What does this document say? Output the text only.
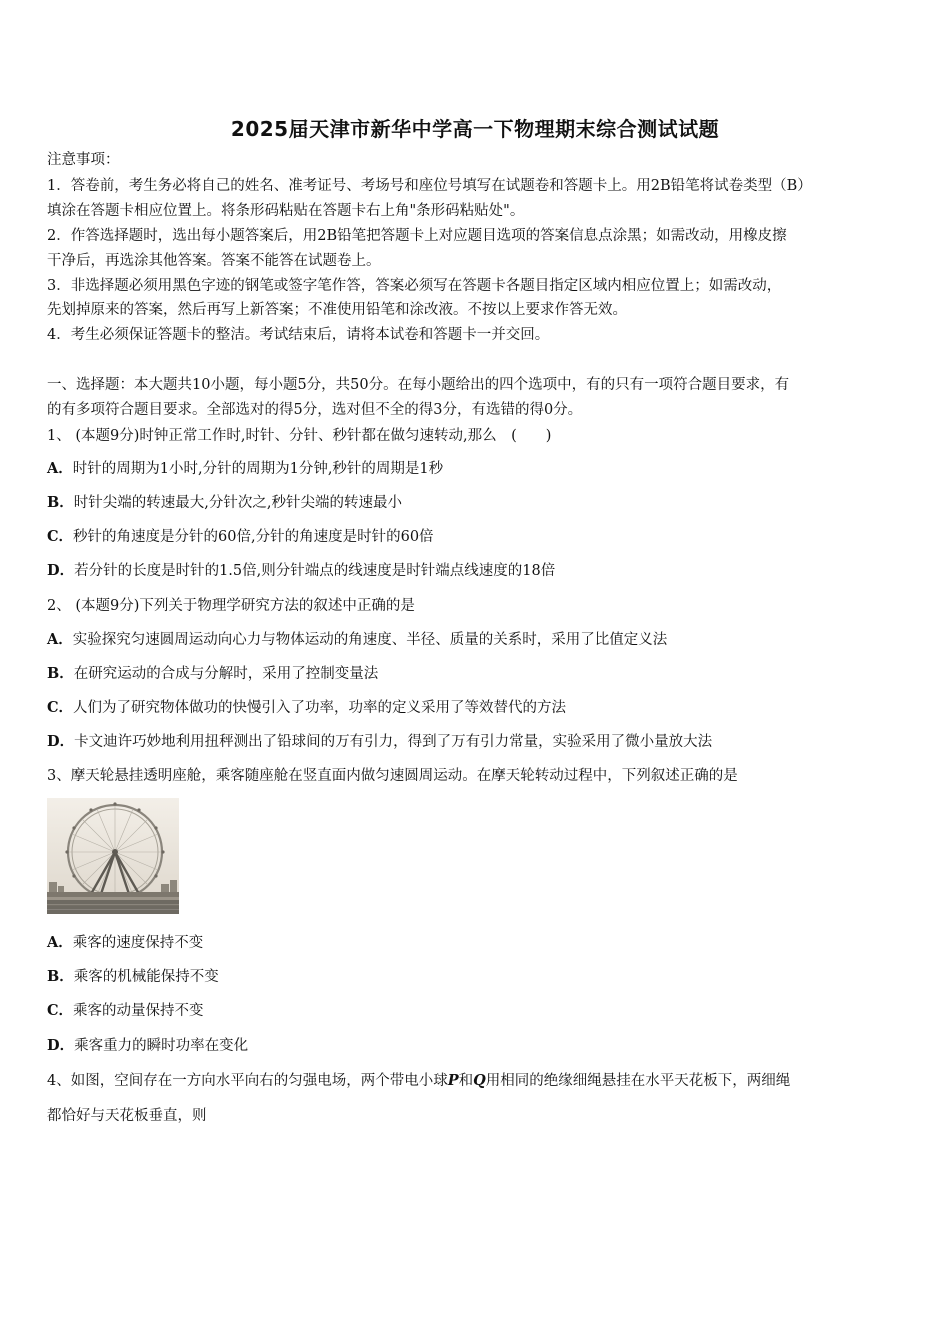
2025届天津市新华中学高一下物理期末综合测试试题
注意事项：
1．答卷前，考生务必将自己的姓名、准考证号、考场号和座位号填写在试题卷和答题卡上。用2B铅笔将试卷类型（B）
填涂在答题卡相应位置上。将条形码粘贴在答题卡右上角"条形码粘贴处"。
2．作答选择题时，选出每小题答案后，用2B铅笔把答题卡上对应题目选项的答案信息点涂黑；如需改动，用橡皮擦
干净后，再选涂其他答案。答案不能答在试题卷上。
3．非选择题必须用黑色字迹的钢笔或签字笔作答，答案必须写在答题卡各题目指定区域内相应位置上；如需改动，
先划掉原来的答案，然后再写上新答案；不准使用铅笔和涂改液。不按以上要求作答无效。
4．考生必须保证答题卡的整洁。考试结束后，请将本试卷和答题卡一并交回。
一、选择题：本大题共10小题，每小题5分，共50分。在每小题给出的四个选项中，有的只有一项符合题目要求，有
的有多项符合题目要求。全部选对的得5分，选对但不全的得3分，有选错的得0分。
1、 (本题9分)时钟正常工作时,时针、分针、秒针都在做匀速转动,那么　(　　)
A．时针的周期为1小时,分针的周期为1分钟,秒针的周期是1秒
B．时针尖端的转速最大,分针次之,秒针尖端的转速最小
C．秒针的角速度是分针的60倍,分针的角速度是时针的60倍
D．若分针的长度是时针的1.5倍,则分针端点的线速度是时针端点线速度的18倍
2、 (本题9分)下列关于物理学研究方法的叙述中正确的是
A．实验探究匀速圆周运动向心力与物体运动的角速度、半径、质量的关系时，采用了比值定义法
B．在研究运动的合成与分解时，采用了控制变量法
C．人们为了研究物体做功的快慢引入了功率，功率的定义采用了等效替代的方法
D．卡文迪许巧妙地利用扭秤测出了铅球间的万有引力，得到了万有引力常量，实验采用了微小量放大法
3、摩天轮悬挂透明座舱，乘客随座舱在竖直面内做匀速圆周运动。在摩天轮转动过程中，下列叙述正确的是
A．乘客的速度保持不变
B．乘客的机械能保持不变
C．乘客的动量保持不变
D．乘客重力的瞬时功率在变化
4、如图，空间存在一方向水平向右的匀强电场，两个带电小球P和Q用相同的绝缘细绳悬挂在水平天花板下，两细绳
都恰好与天花板垂直，则
